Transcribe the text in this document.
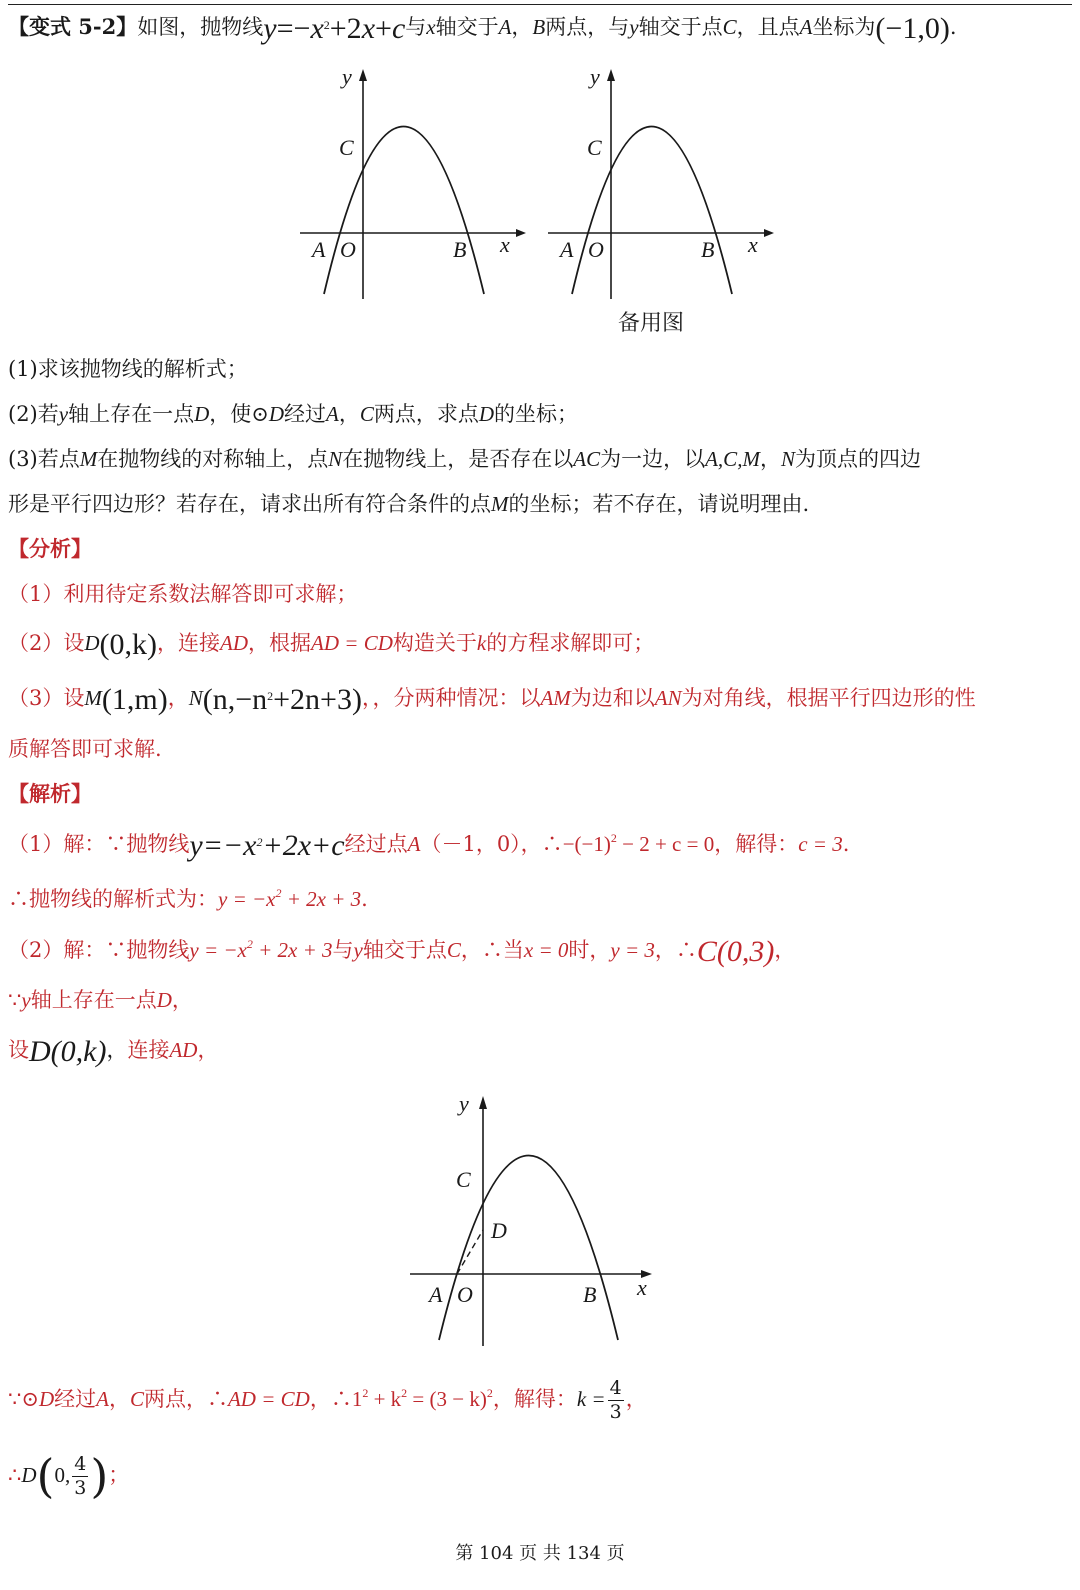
【变式 5-2】如图，抛物线$y=-x^2+2x+c$与x轴交于A，B两点，与y轴交于点C，且点A坐标为(−1,0).
y
x
C
A O	B
y
x
C
A O	B
备用图
(1)求该抛物线的解析式；
(2)若y轴上存在一点D，使⊙D经过A，C两点，求点D的坐标；
(3)若点M在抛物线的对称轴上，点N在抛物线上，是否存在以AC为一边，以A,C,M，N为顶点的四边
形是平行四边形？若存在，请求出所有符合条件的点M的坐标；若不存在，请说明理由.
【分析】
（1）利用待定系数法解答即可求解；
（2）设D(0,k)，连接AD，根据AD = CD构造关于k的方程求解即可；
（3）设M(1,m)，$N(n,-n^2+2n+3)$，，分两种情况：以AM为边和以AN为对角线，根据平行四边形的性
质解答即可求解.
【解析】
（1）解：∵抛物线$y=-x^2+2x+c$经过点A（－1，0），$\therefore-(-1)^2 - 2 + c = 0$，解得：c = 3.
∴抛物线的解析式为：$y = -x^2 + 2x + 3$.
（2）解：∵抛物线$y = -x^2 + 2x + 3$与y轴交于点C，∴当x = 0时，y = 3，∴C(0,3)，
∵y轴上存在一点D，
设D(0,k)，连接AD，
y
x
C
D
A O	B
∵⊙D经过A，C两点，∴AD = CD，$\therefore 1^2 + k^2 = (3 - k)^2$，解得：$k = \frac{4}{3}$ ，
∴D(0, $\frac{4}{3}$ )；
第 104 页 共 134 页
